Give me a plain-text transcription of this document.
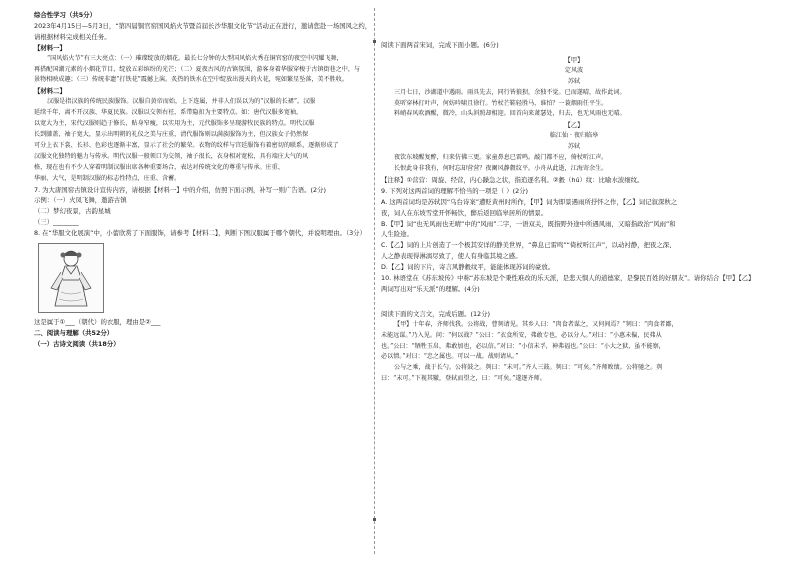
综合性学习（共5分）

2023年4月15日—5月3日，“第四届铜官窑国风焰火节暨首届长沙华服文化节”活动正在进行，邀请您赴一场国风之约，请根据材料完成相关任务。

【材料一】

“国风焰火节”有三大亮点：（一）璀璨绽放的烟花。最长七分钟的大型国风焰火秀在铜官窑的夜空中闪耀飞舞，

再搭配国潮元素的小烟花节目，绽放五彩缤纷的光芒；（二）夏夜古风的古镇氛围，游客身着华服穿梭于古镇街巷之中，与

景物相映成趣；（三）传统非遗“打铁花”震撼上演。炙热的铁水在空中绽放出漫天的火花，宛如繁星坠落，美不胜收。

【材料二】

汉服是指汉族的传统民族服饰。汉服自黄帝而始，上下连属，并非人们误以为的“汉服的长裙”。汉服

延续千年，离不开汉族、华夏民族。汉服以交领右衽、系带隐扣为主要特点。如：唐代汉服多宽袖，

以宽大为主，宋代汉服则趋于修长，贴身窄瘦，以实用为主，元代服饰多呈现游牧民族的特点。明代汉服

长到膝盖，袖子宽大，显示出明朝的礼仪之美与庄重，清代服饰则以满族服饰为主，但汉族女子仍然保

可分上衣下裳、长衫、色彩也逐渐丰富，显示了社会的繁荣。衣物的纹样与宫廷服饰有着密切的联系，逐渐形成了

汉服文化独特的魅力与传承。明代汉服一般领口为交领，袖子很长，衣身相对宽松，具有端庄大气的风

格，现在也有不少人穿着明制汉服出席各种重要场合，表达对传统文化的尊重与传承。庄重、

华丽、大气，是明制汉服的标志性特点，庄重、含蓄。

7. 为大唐国窑古镇设计宣传内容，请根据【材料一】中的介绍，仿照下面示例，补写一则广告语。(2分)

示例：（一）火凤飞舞，邀游古镇

（二）梦幻夜景，古韵星城

（三）________

8. 在“华服文化展演”中，小蕾欣赏了下面服饰，请参考【材料二】，判断下图汉服属于哪个朝代，并说明理由。（3分）

这是属于①___（朝代）的衣服，理由是②___

二、阅读与理解（共52分）

（一）古诗文阅读（共18分）

阅读下面两首宋词，完成下面小题。(6分)

【甲】

定风波

苏轼

三月七日，沙湖道中遇雨。雨具先去，同行皆狼狈，余独不觉。已而遂晴，故作此词。

莫听穿林打叶声，何妨吟啸且徐行。竹杖芒鞋轻胜马，谁怕？一蓑烟雨任平生。

料峭春风吹酒醒，微冷，山头斜照却相迎。回首向来萧瑟处，归去，也无风雨也无晴。

【乙】

临江仙 · 夜归临皋

苏轼

夜饮东坡醒复醉，归来仿佛三更。家童鼻息已雷鸣。敲门都不应，倚杖听江声。

长恨此身非我有，何时忘却营营？夜阑风静縠纹平。小舟从此逝，江海寄余生。

【注释】①营营：周旋、经营，内心躁急之状，指追逐名利。②縠（hú）纹：比喻水波细纹。

9. 下列对这两首词的理解不恰当的一项是（ ）(2分)

A. 这两首词均是苏轼因“乌台诗案”遭贬黄州时所作，【甲】词为即景遇雨所抒怀之作，【乙】词记叙深秋之

夜，词人在东坡雪堂开怀畅饮，醉后返回临皋居所的情景。

B.【甲】词“也无风雨也无晴”中的“风雨”二字，一语双关，既指野外途中所遇风雨，又暗指政治“风雨”和

人生险途。

C.【乙】词的上片创造了一个极其安详的静美世界，“鼻息已雷鸣”“倚杖听江声”，以动衬静，把夜之深、

人之静表现得淋漓尽致了，使人有身临其境之感。

D.【乙】词的下片，寄言风静縠纹平，能能体现苏词的豪放。

10. 林语堂在《苏东坡传》中称“苏东坡是个秉性难改的乐天派，是悲天悯人的道德家，是黎民百姓的好朋友”。请你结合【甲】【乙】

两词写出对“乐天派”的理解。(4分)

阅读下面的文言文，完成后题。(12分)

【甲】十年春，齐师伐我。公将战，曹刿请见。其乡人曰：“肉食者谋之，又何间焉？”刿曰：“肉食者鄙，

未能远谋。”乃入见。问：“何以战？”公曰：“衣食所安，弗敢专也，必以分人。”对曰：“小惠未徧，民弗从

也。”公曰：“牺牲玉帛，弗敢加也，必以信。”对曰：“小信未孚，神弗福也。”公曰：“小大之狱，虽不能察，

必以情。”对曰：“忠之属也。可以一战。战则请从。”

公与之乘，战于长勺。公将鼓之。刿曰：“未可。”齐人三鼓。刿曰：“可矣。”齐师败绩。公将驰之。刿

曰：“未可。”下视其辙，登轼而望之，曰：“可矣。”遂逐齐师。
